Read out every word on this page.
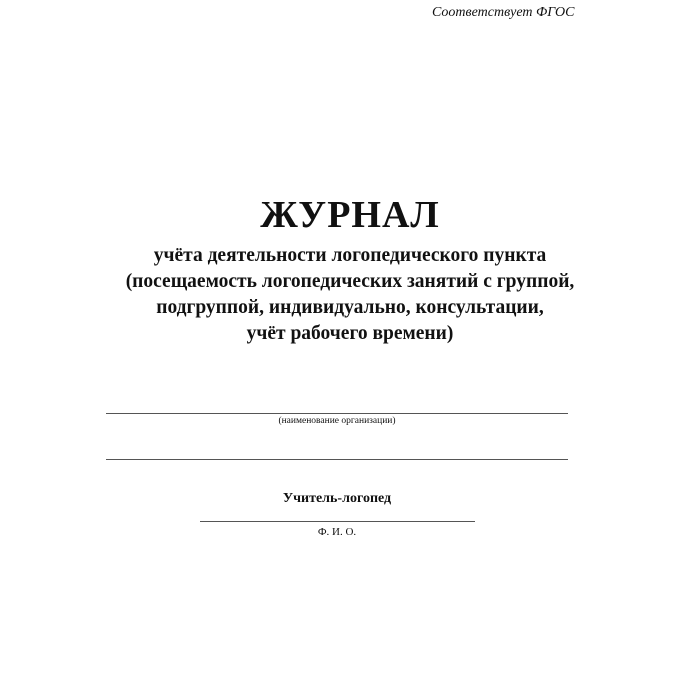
Соответствует ФГОС
ЖУРНАЛ
учёта деятельности логопедического пункта
(посещаемость логопедических занятий с группой,
подгруппой, индивидуально, консультации,
учёт рабочего времени)
(наименование организации)
Учитель-логопед
Ф. И. О.
